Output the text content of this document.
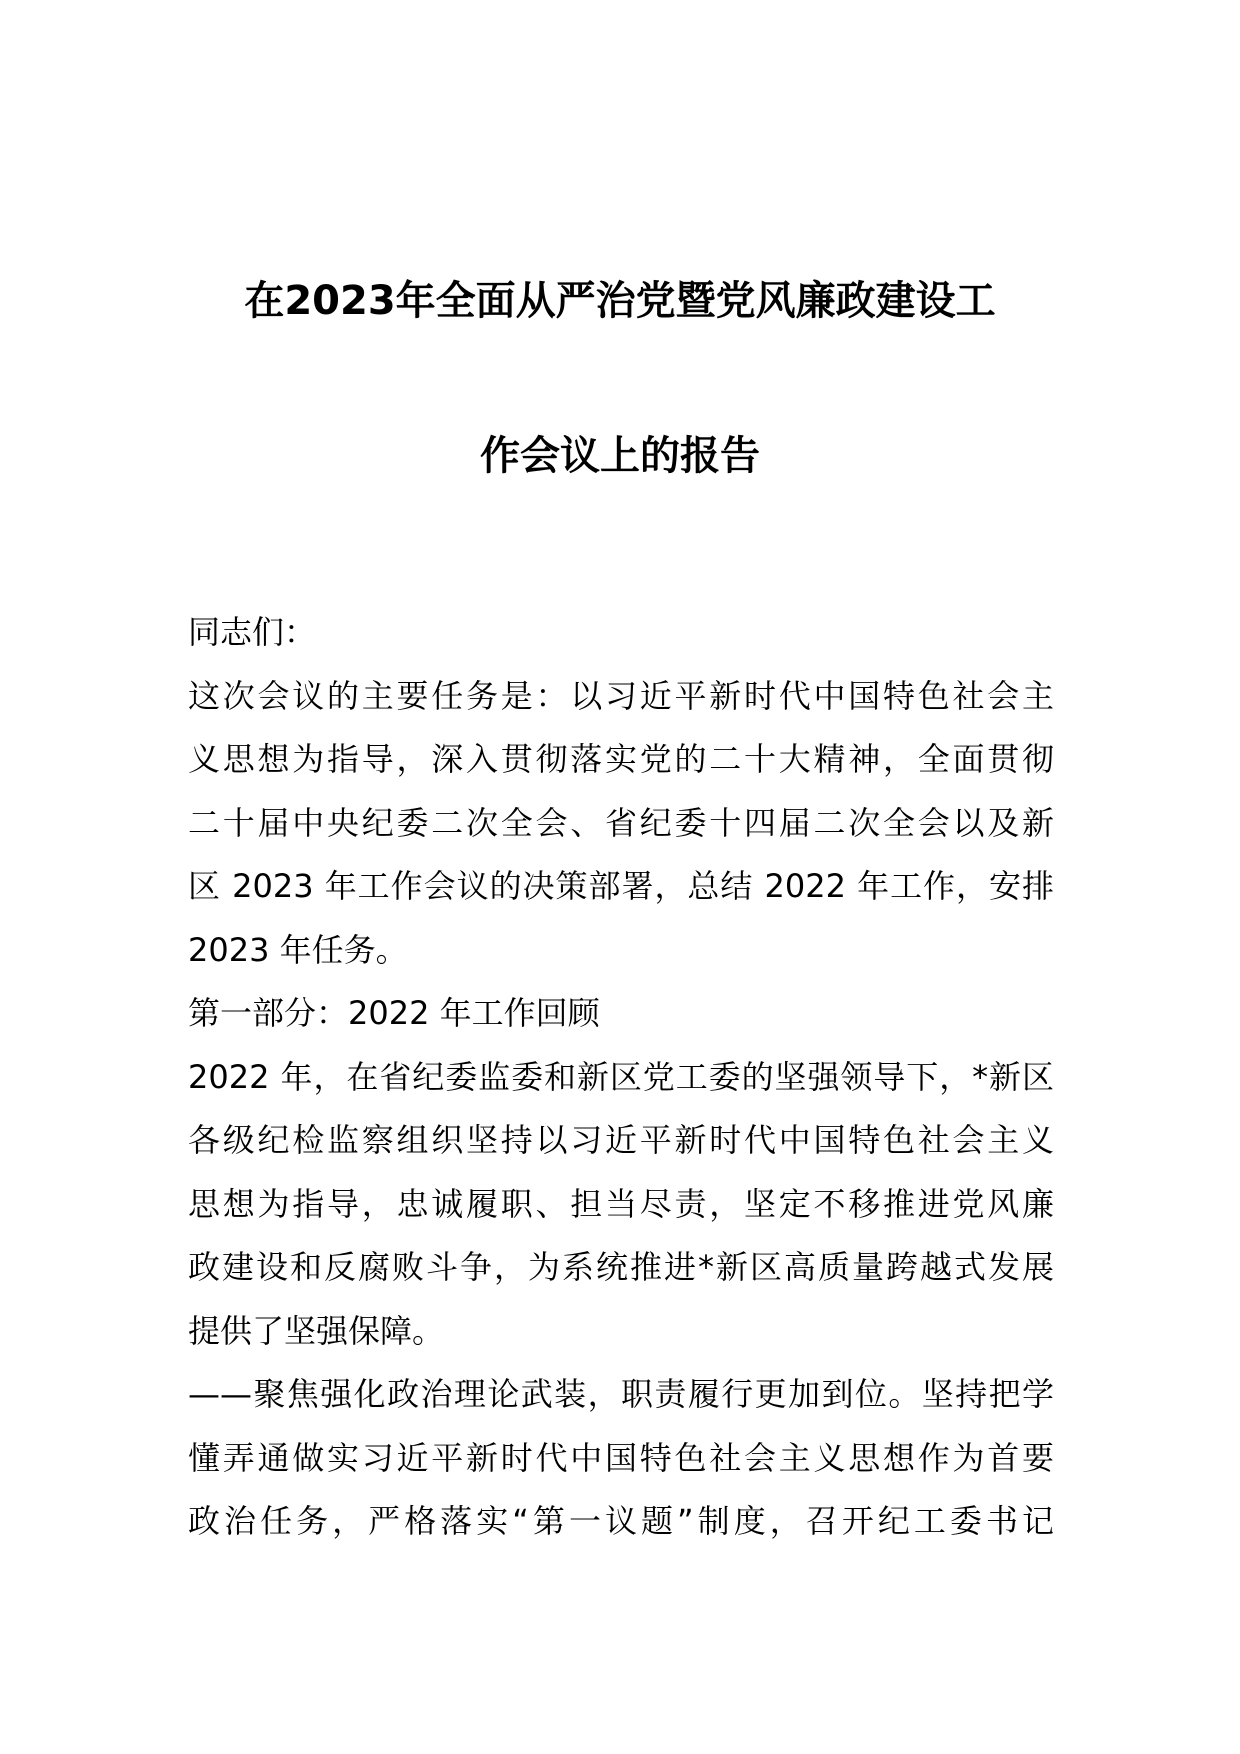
在2023年全面从严治党暨党风廉政建设工
作会议上的报告
同志们：
这次会议的主要任务是：以习近平新时代中国特色社会主
义思想为指导，深入贯彻落实党的二十大精神，全面贯彻
二十届中央纪委二次全会、省纪委十四届二次全会以及新
区 2023 年工作会议的决策部署，总结 2022 年工作，安排
2023 年任务。
第一部分：2022 年工作回顾
2022 年，在省纪委监委和新区党工委的坚强领导下，*新区
各级纪检监察组织坚持以习近平新时代中国特色社会主义
思想为指导，忠诚履职、担当尽责，坚定不移推进党风廉
政建设和反腐败斗争，为系统推进*新区高质量跨越式发展
提供了坚强保障。
——聚焦强化政治理论武装，职责履行更加到位。坚持把学
懂弄通做实习近平新时代中国特色社会主义思想作为首要
政治任务，严格落实“第一议题”制度，召开纪工委书记
